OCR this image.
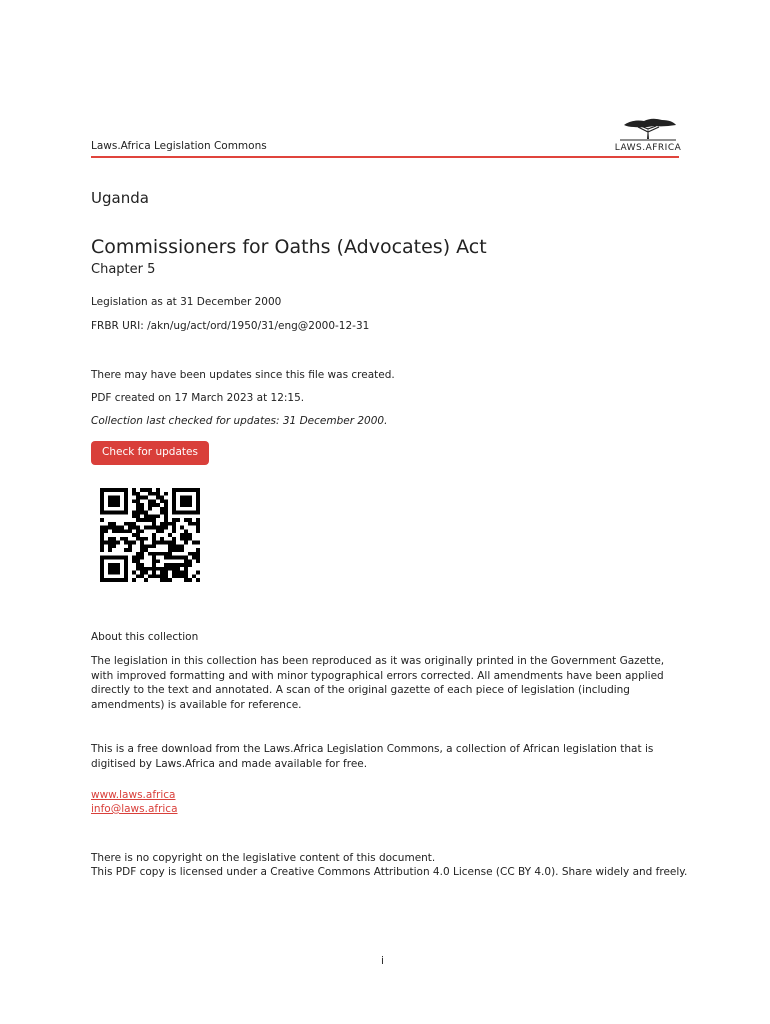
Laws.Africa Legislation Commons	LAWS.AFRICA
Uganda
Commissioners for Oaths (Advocates) Act
Chapter 5
Legislation as at 31 December 2000
FRBR URI: /akn/ug/act/ord/1950/31/eng@2000-12-31
There may have been updates since this file was created.
PDF created on 17 March 2023 at 12:15.
Collection last checked for updates: 31 December 2000.
Check for updates
About this collection
The legislation in this collection has been reproduced as it was originally printed in the Government Gazette, with improved formatting and with minor typographical errors corrected. All amendments have been applied directly to the text and annotated. A scan of the original gazette of each piece of legislation (including amendments) is available for reference.
This is a free download from the Laws.Africa Legislation Commons, a collection of African legislation that is digitised by Laws.Africa and made available for free.
www.laws.africa
info@laws.africa
There is no copyright on the legislative content of this document.
This PDF copy is licensed under a Creative Commons Attribution 4.0 License (CC BY 4.0). Share widely and freely.
i
